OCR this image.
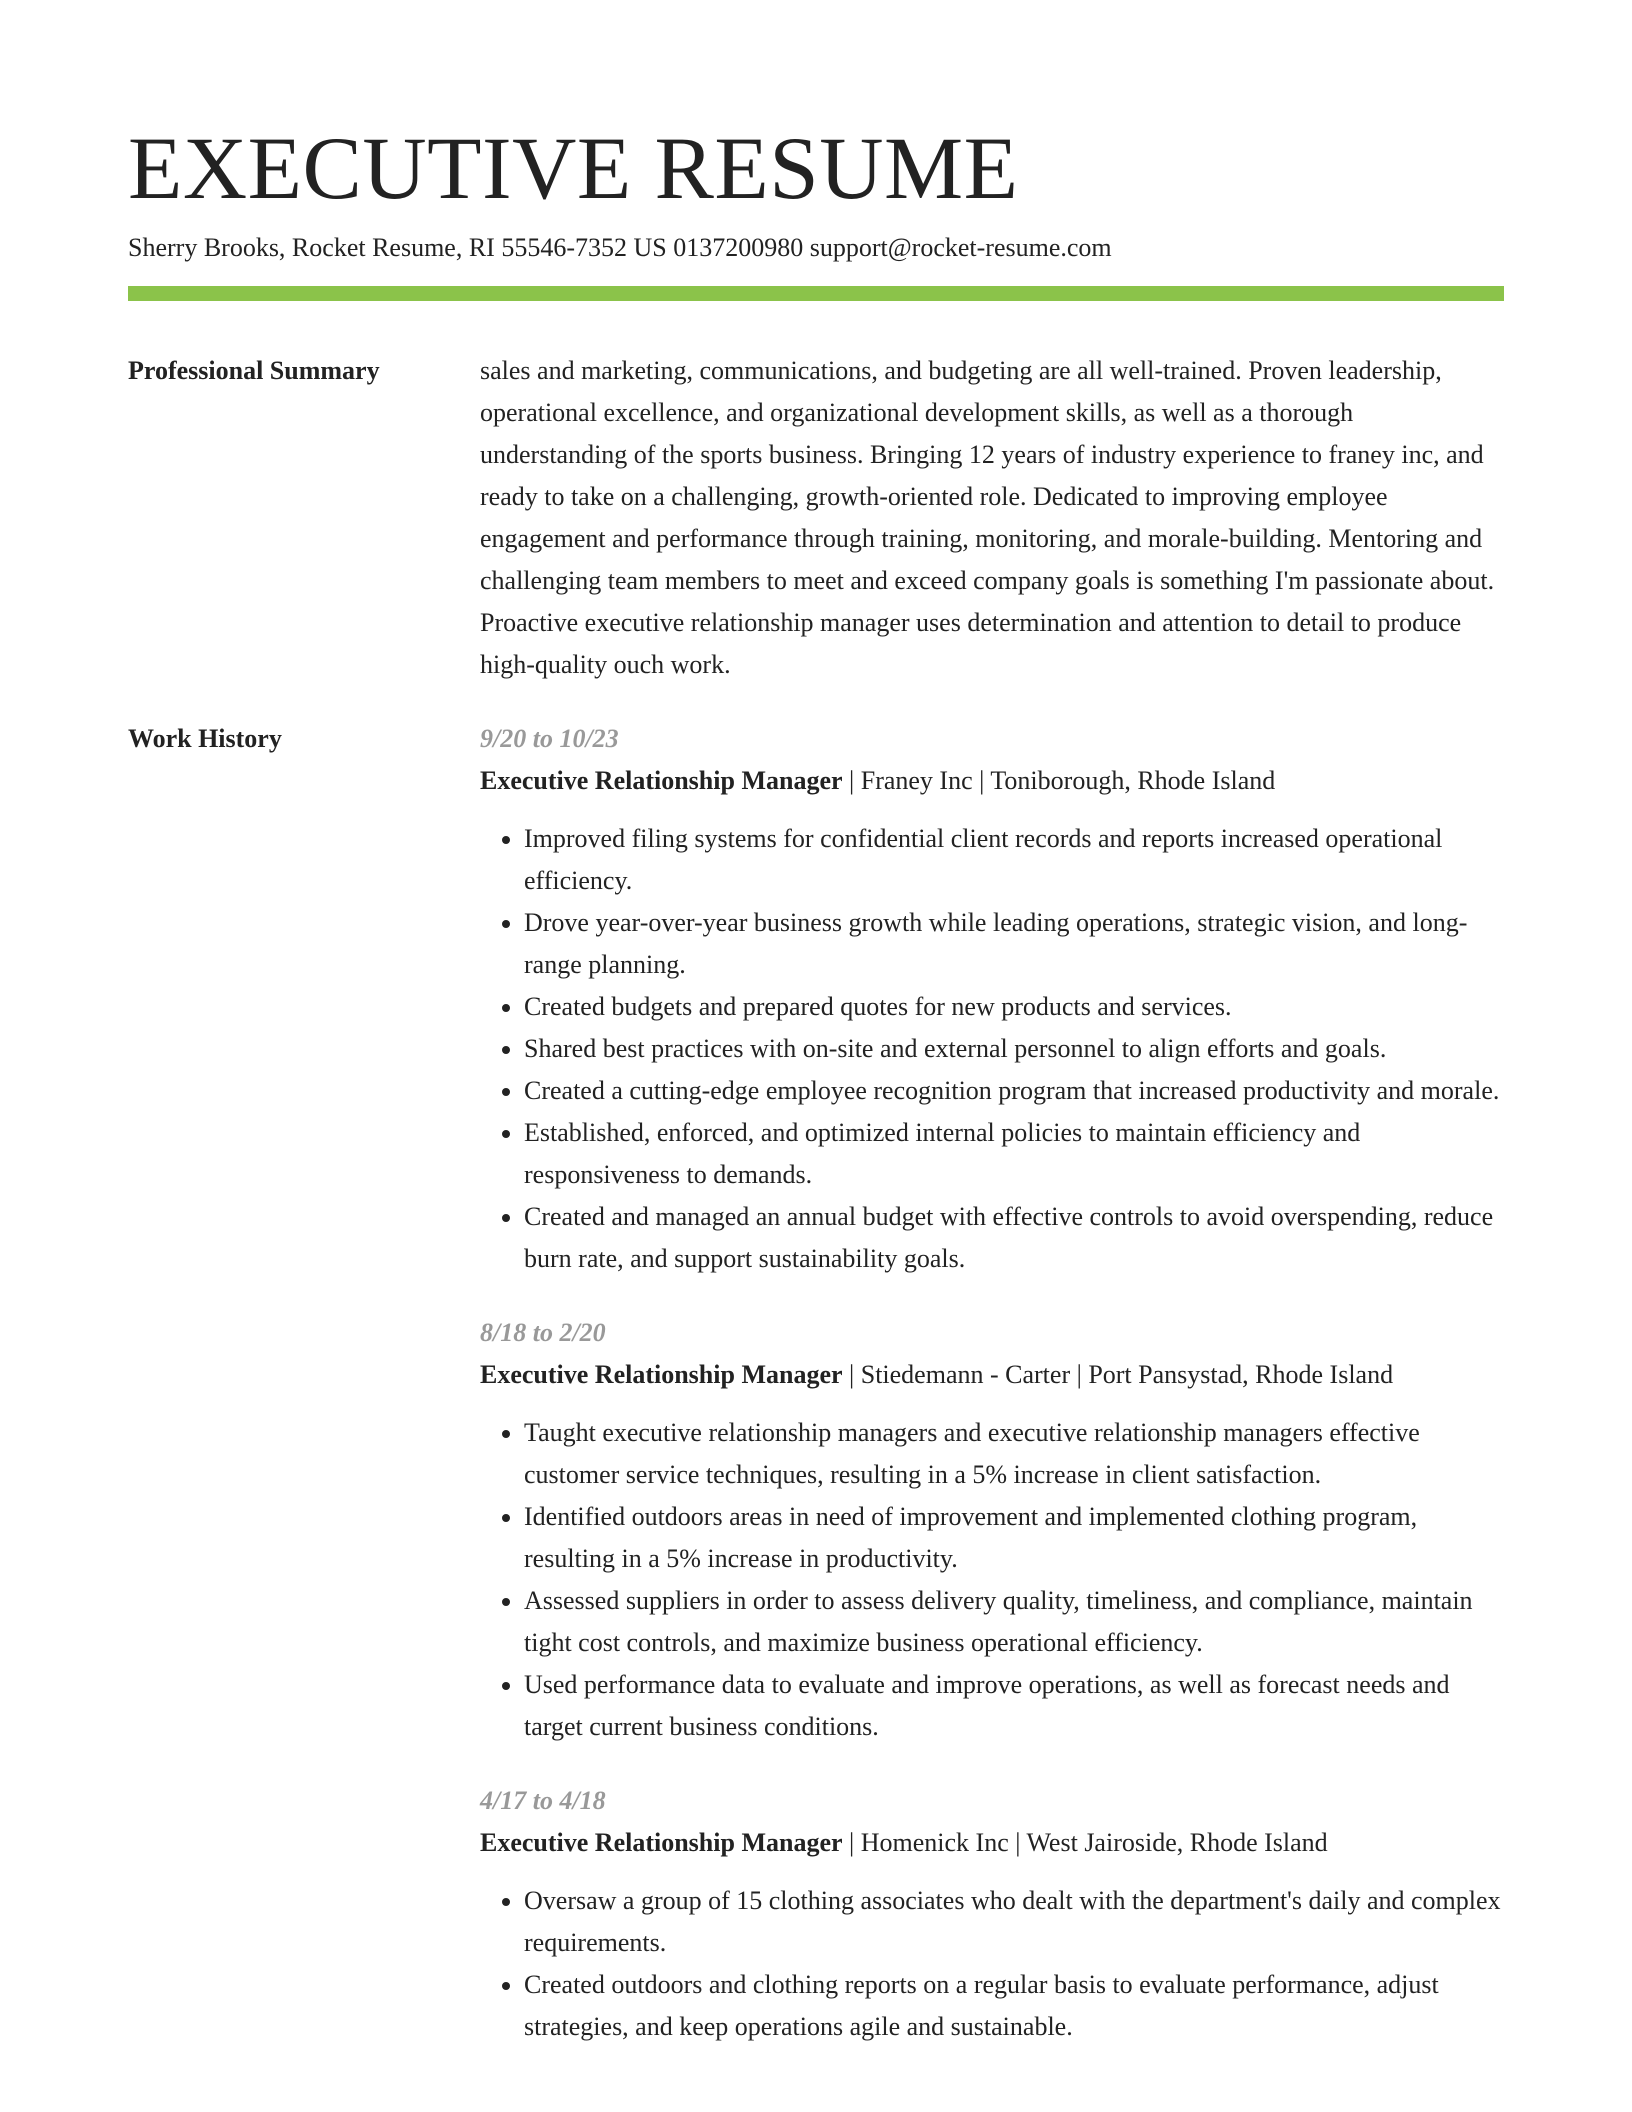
EXECUTIVE RESUME
Sherry Brooks, Rocket Resume, RI 55546-7352 US 0137200980 support@rocket-resume.com
Professional Summary	sales and marketing, communications, and budgeting are all well-trained. Proven leadership, operational excellence, and organizational development skills, as well as a thorough understanding of the sports business. Bringing 12 years of industry experience to franey inc, and ready to take on a challenging, growth-oriented role. Dedicated to improving employee engagement and performance through training, monitoring, and morale-building. Mentoring and challenging team members to meet and exceed company goals is something I'm passionate about. Proactive executive relationship manager uses determination and attention to detail to produce high-quality ouch work.

Work History	9/20 to 10/23
Executive Relationship Manager | Franey Inc | Toniborough, Rhode Island
• Improved filing systems for confidential client records and reports increased operational efficiency.
• Drove year-over-year business growth while leading operations, strategic vision, and long-range planning.
• Created budgets and prepared quotes for new products and services.
• Shared best practices with on-site and external personnel to align efforts and goals.
• Created a cutting-edge employee recognition program that increased productivity and morale.
• Established, enforced, and optimized internal policies to maintain efficiency and responsiveness to demands.
• Created and managed an annual budget with effective controls to avoid overspending, reduce burn rate, and support sustainability goals.
8/18 to 2/20
Executive Relationship Manager | Stiedemann - Carter | Port Pansystad, Rhode Island
• Taught executive relationship managers and executive relationship managers effective customer service techniques, resulting in a 5% increase in client satisfaction.
• Identified outdoors areas in need of improvement and implemented clothing program, resulting in a 5% increase in productivity.
• Assessed suppliers in order to assess delivery quality, timeliness, and compliance, maintain tight cost controls, and maximize business operational efficiency.
• Used performance data to evaluate and improve operations, as well as forecast needs and target current business conditions.
4/17 to 4/18
Executive Relationship Manager | Homenick Inc | West Jairoside, Rhode Island
• Oversaw a group of 15 clothing associates who dealt with the department's daily and complex requirements.
• Created outdoors and clothing reports on a regular basis to evaluate performance, adjust strategies, and keep operations agile and sustainable.
